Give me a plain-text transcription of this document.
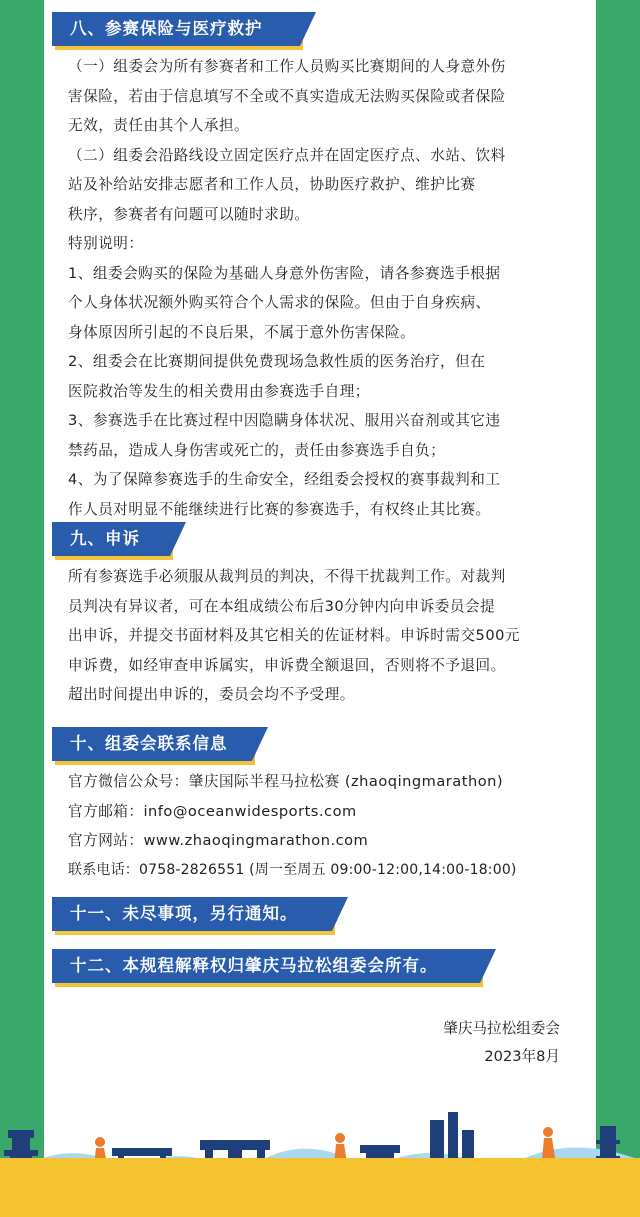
八、参赛保险与医疗救护
（一）组委会为所有参赛者和工作人员购买比赛期间的人身意外伤
害保险，若由于信息填写不全或不真实造成无法购买保险或者保险
无效，责任由其个人承担。
（二）组委会沿路线设立固定医疗点并在固定医疗点、水站、饮料
站及补给站安排志愿者和工作人员，协助医疗救护、维护比赛
秩序，参赛者有问题可以随时求助。
特别说明：
1、组委会购买的保险为基础人身意外伤害险，请各参赛选手根据
个人身体状况额外购买符合个人需求的保险。但由于自身疾病、
身体原因所引起的不良后果，不属于意外伤害保险。
2、组委会在比赛期间提供免费现场急救性质的医务治疗，但在
医院救治等发生的相关费用由参赛选手自理；
3、参赛选手在比赛过程中因隐瞒身体状况、服用兴奋剂或其它违
禁药品，造成人身伤害或死亡的，责任由参赛选手自负；
4、为了保障参赛选手的生命安全，经组委会授权的赛事裁判和工
作人员对明显不能继续进行比赛的参赛选手，有权终止其比赛。
九、申诉
所有参赛选手必须服从裁判员的判决，不得干扰裁判工作。对裁判
员判决有异议者，可在本组成绩公布后30分钟内向申诉委员会提
出申诉，并提交书面材料及其它相关的佐证材料。申诉时需交500元
申诉费，如经审查申诉属实，申诉费全额退回，否则将不予退回。
超出时间提出申诉的，委员会均不予受理。
十、组委会联系信息
官方微信公众号：肇庆国际半程马拉松赛 (zhaoqingmarathon)
官方邮箱：info@oceanwidesports.com
官方网站：www.zhaoqingmarathon.com
联系电话：0758-2826551 (周一至周五 09:00-12:00,14:00-18:00)
十一、未尽事项，另行通知。
十二、本规程解释权归肇庆马拉松组委会所有。
肇庆马拉松组委会
2023年8月
